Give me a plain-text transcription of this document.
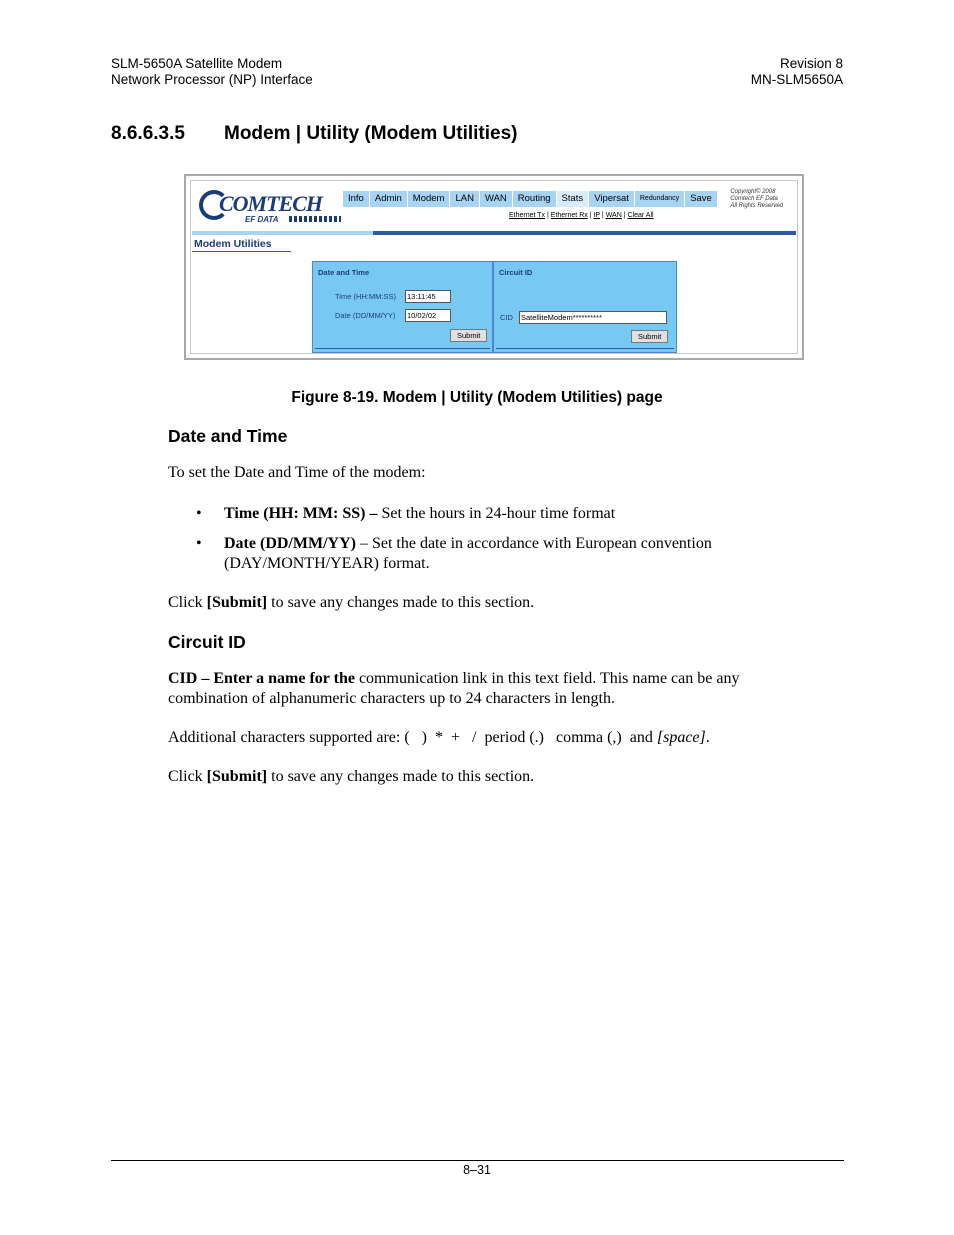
SLM-5650A Satellite Modem
Network Processor (NP) Interface
Revision 8
MN-SLM5650A
8.6.6.3.5 Modem | Utility (Modem Utilities)
COMTECH
EF DATA
Info	Admin	Modem	LAN	WAN	Routing	Stats	Vipersat	Redundancy	Save
Ethernet Tx | Ethernet Rx | IP | WAN | Clear All
Copyright© 2008
Comtech EF Data
All Rights Reserved
Modem Utilities
Date and Time
Time (HH:MM:SS) 13:11:45
Date (DD/MM/YY) 10/02/02
Submit
Circuit ID
CID SatelliteModem**********
Submit
Figure 8-19. Modem | Utility (Modem Utilities) page
Date and Time
To set the Date and Time of the modem:
• Time (HH: MM: SS) – Set the hours in 24-hour time format
• Date (DD/MM/YY) – Set the date in accordance with European convention (DAY/MONTH/YEAR) format.
Click [Submit] to save any changes made to this section.
Circuit ID
CID – Enter a name for the communication link in this text field. This name can be any combination of alphanumeric characters up to 24 characters in length.
Additional characters supported are: (   )  *  +   /  period (.)   comma (,)  and [space].
Click [Submit] to save any changes made to this section.
8–31
